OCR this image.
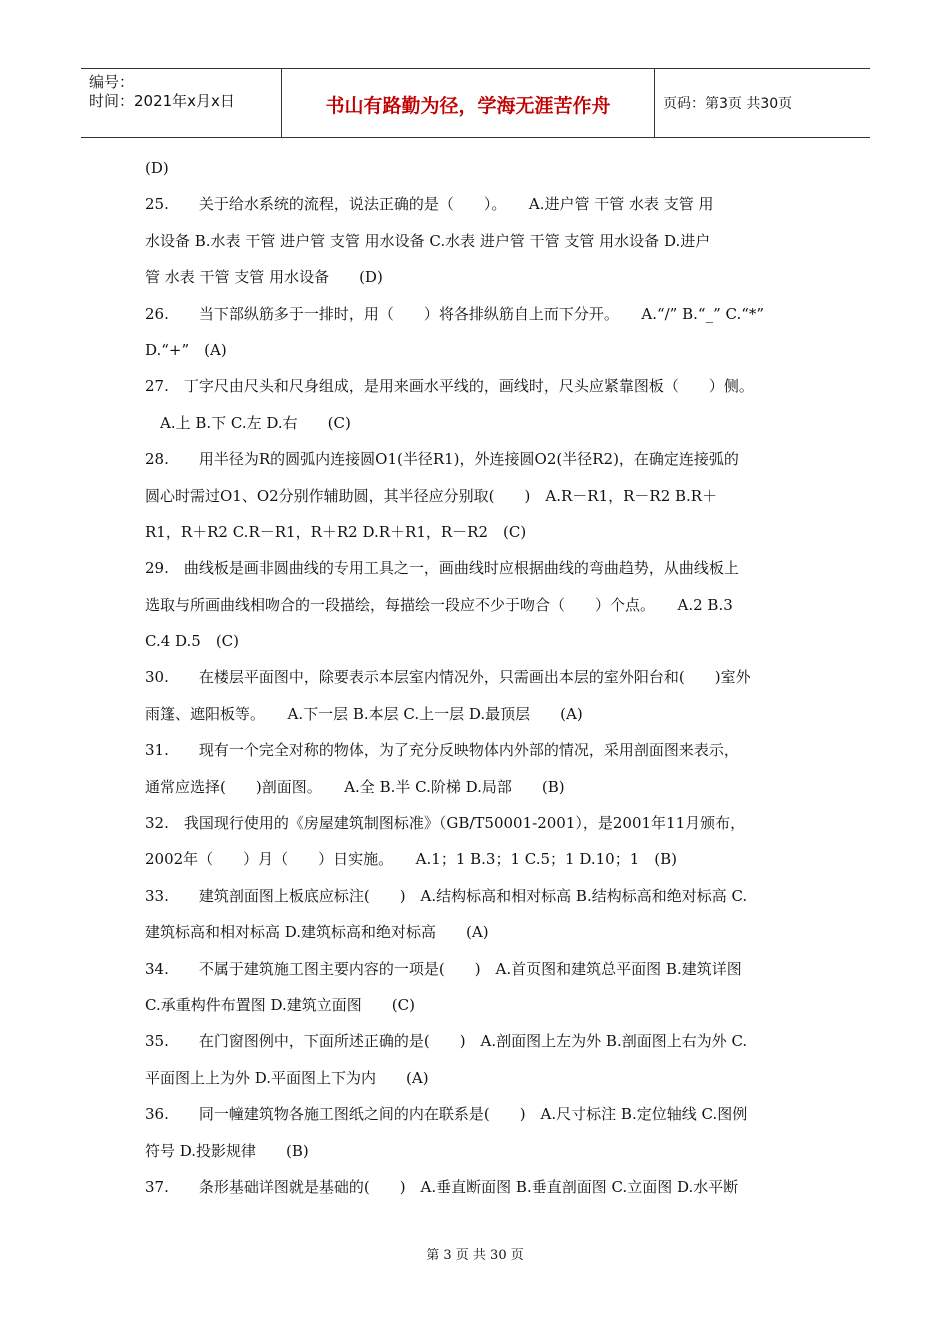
编号：
时间：2021年x月x日	书山有路勤为径，学海无涯苦作舟	页码：第3页 共30页
(D)
25.　　关于给水系统的流程，说法正确的是（　　）。　　A.进户管 干管 水表 支管 用
水设备 B.水表 干管 进户管 支管 用水设备 C.水表 进户管 干管 支管 用水设备 D.进户
管 水表 干管 支管 用水设备　　(D)
26.　　当下部纵筋多于一排时，用（　　）将各排纵筋自上而下分开。　　A.“/” B.“_” C.“*”
D.“+”　(A)
27.　丁字尺由尺头和尺身组成，是用来画水平线的，画线时，尺头应紧靠图板（　　）侧。
　A.上 B.下 C.左 D.右　　(C)
28.　　用半径为R的圆弧内连接圆O1(半径R1)，外连接圆O2(半径R2)，在确定连接弧的
圆心时需过O1、O2分别作辅助圆，其半径应分别取(　　)　A.R－R1，R－R2 B.R＋
R1，R＋R2 C.R－R1，R＋R2 D.R＋R1，R－R2　(C)
29.　曲线板是画非圆曲线的专用工具之一，画曲线时应根据曲线的弯曲趋势，从曲线板上
选取与所画曲线相吻合的一段描绘，每描绘一段应不少于吻合（　　）个点。　　A.2 B.3
C.4 D.5　(C)
30.　　在楼层平面图中，除要表示本层室内情况外，只需画出本层的室外阳台和(　　)室外
雨篷、遮阳板等。　　A.下一层 B.本层 C.上一层 D.最顶层　　(A)
31.　　现有一个完全对称的物体，为了充分反映物体内外部的情况，采用剖面图来表示，
通常应选择(　　)剖面图。　　A.全 B.半 C.阶梯 D.局部　　(B)
32.　我国现行使用的《房屋建筑制图标准》（GB/T50001-2001），是2001年11月颁布，
2002年（　　）月（　　）日实施。　　A.1；1 B.3；1 C.5；1 D.10；1　(B)
33.　　建筑剖面图上板底应标注(　　)　A.结构标高和相对标高 B.结构标高和绝对标高 C.
建筑标高和相对标高 D.建筑标高和绝对标高　　(A)
34.　　不属于建筑施工图主要内容的一项是(　　)　A.首页图和建筑总平面图 B.建筑详图
C.承重构件布置图 D.建筑立面图　　(C)
35.　　在门窗图例中，下面所述正确的是(　　)　A.剖面图上左为外 B.剖面图上右为外 C.
平面图上上为外 D.平面图上下为内　　(A)
36.　　同一幢建筑物各施工图纸之间的内在联系是(　　)　A.尺寸标注 B.定位轴线 C.图例
符号 D.投影规律　　(B)
37.　　条形基础详图就是基础的(　　)　A.垂直断面图 B.垂直剖面图 C.立面图 D.水平断
第 3 页 共 30 页
